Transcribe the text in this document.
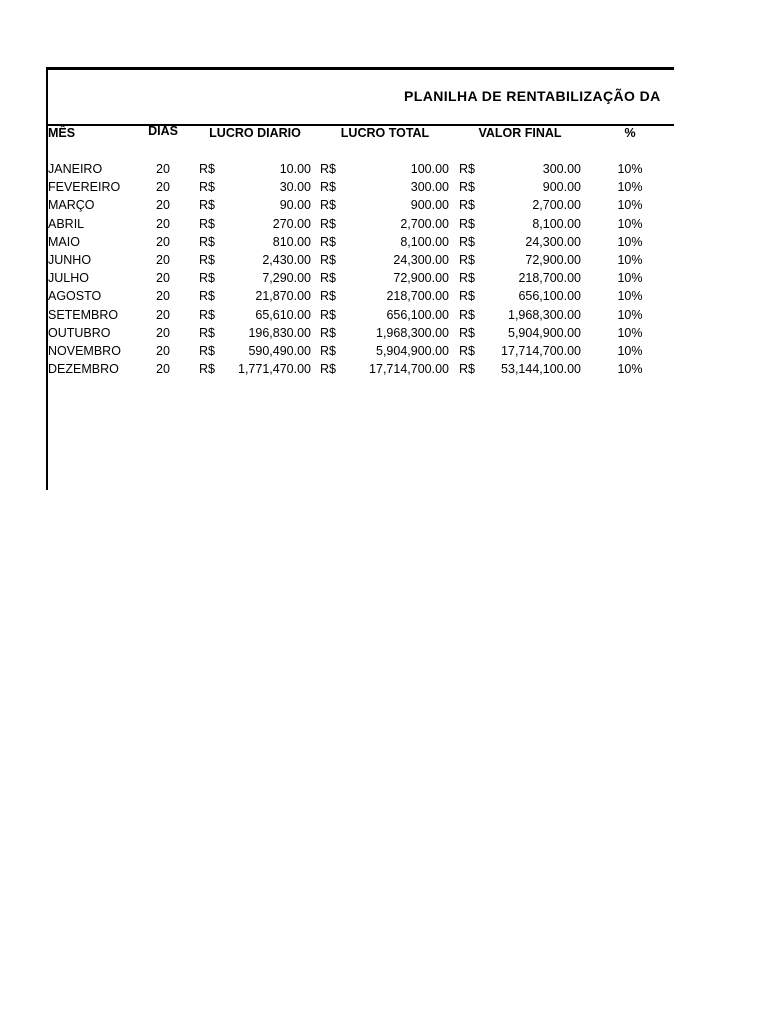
PLANILHA DE RENTABILIZAÇÃO DA
MÊS	DIAS	LUCRO DIARIO	LUCRO TOTAL	VALOR FINAL	%
JANEIRO	20	R$	10.00 R$	100.00 R$	300.00	10%
FEVEREIRO	20	R$	30.00 R$	300.00 R$	900.00	10%
MARÇO	20	R$	90.00 R$	900.00 R$	2,700.00	10%
ABRIL	20	R$	270.00 R$	2,700.00 R$	8,100.00	10%
MAIO	20	R$	810.00 R$	8,100.00 R$	24,300.00	10%
JUNHO	20	R$	2,430.00 R$	24,300.00 R$	72,900.00	10%
JULHO	20	R$	7,290.00 R$	72,900.00 R$	218,700.00	10%
AGOSTO	20	R$	21,870.00 R$	218,700.00 R$	656,100.00	10%
SETEMBRO	20	R$	65,610.00 R$	656,100.00 R$	1,968,300.00	10%
OUTUBRO	20	R$	196,830.00 R$	1,968,300.00 R$	5,904,900.00	10%
NOVEMBRO	20	R$	590,490.00 R$	5,904,900.00 R$	17,714,700.00	10%
DEZEMBRO	20	R$	1,771,470.00 R$	17,714,700.00 R$	53,144,100.00	10%
